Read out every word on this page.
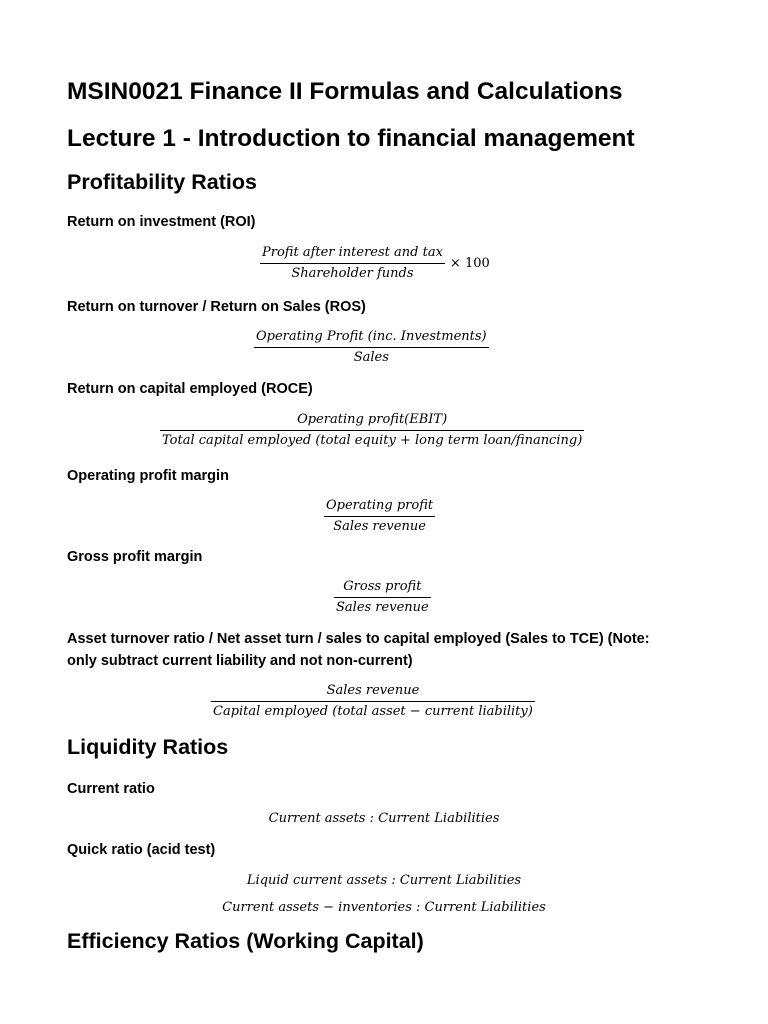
MSIN0021 Finance II Formulas and Calculations
Lecture 1 - Introduction to financial management
Profitability Ratios
Return on investment (ROI)
$\frac{\text{Profit after interest and tax}}{\text{Shareholder funds}} \times 100$
Return on turnover / Return on Sales (ROS)
$\frac{\text{Operating Profit (inc. Investments)}}{\text{Sales}}$
Return on capital employed (ROCE)
Operating profit(EBIT)
Total capital employed (total equity + long term loan/financing)
Operating profit margin
$\frac{\text{Operating profit}}{\text{Sales revenue}}$
Gross profit margin
$\frac{\text{Gross profit}}{\text{Sales revenue}}$
Asset turnover ratio / Net asset turn / sales to capital employed (Sales to TCE) (Note:
only subtract current liability and not non-current)
$\frac{\text{Sales revenue}}{\text{Capital employed (total asset − current liability)}}$
Liquidity Ratios
Current ratio
Current assets : Current Liabilities
Quick ratio (acid test)
Liquid current assets : Current Liabilities
Current assets − inventories : Current Liabilities
Efficiency Ratios (Working Capital)
